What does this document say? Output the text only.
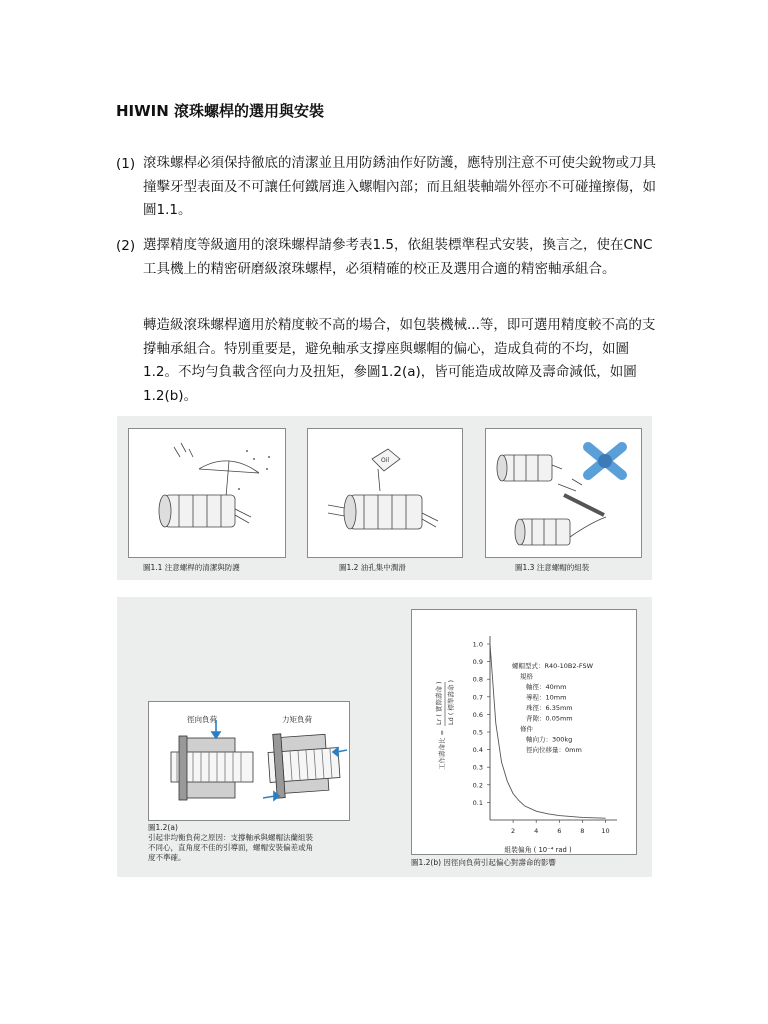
HIWIN 滾珠螺桿的選用與安裝
(1) 滾珠螺桿必須保持徹底的清潔並且用防銹油作好防護，應特別注意不可使尖銳物或刀具撞擊牙型表面及不可讓任何鐵屑進入螺帽內部；而且組裝軸端外徑亦不可碰撞擦傷，如圖1.1。
(2) 選擇精度等級適用的滾珠螺桿請參考表1.5，依組裝標準程式安裝，換言之，使在CNC 工具機上的精密研磨級滾珠螺桿，必須精確的校正及選用合適的精密軸承組合。
轉造級滾珠螺桿適用於精度較不高的場合，如包裝機械...等，即可選用精度較不高的支撐軸承組合。特別重要是，避免軸承支撐座與螺帽的偏心，造成負荷的不均，如圖1.2。不均勻負載含徑向力及扭矩，參圖1.2(a)，皆可能造成故障及壽命減低，如圖1.2(b)。
圖1.1 注意螺桿的清潔與防護
Oil
圖1.2 油孔集中潤滑	圖1.3 注意螺帽的組裝
徑向負荷	力矩負荷
圖1.2(a)
引起非均衡負荷之原因：支撐軸承與螺帽法蘭組裝
不同心，直角度不佳的引導面，螺帽安裝偏差或角
度不準確。
工作壽命比 =
Lr ( 實際壽命 ) Ld ( 標準壽命 )
1.0
0.9
0.8
0.7
0.6
0.5
0.4
0.3
0.2
0.1
2	4	6	8	10
螺帽型式：R40-10B2-FSW
規格
軸徑：40mm
導程：10mm
珠徑：6.35mm
背隙：0.05mm
條件
軸向力：300kg
徑向位移量：0mm
組裝偏角 ( 10⁻⁴ rad )
圖1.2(b) 因徑向負荷引起偏心對壽命的影響
